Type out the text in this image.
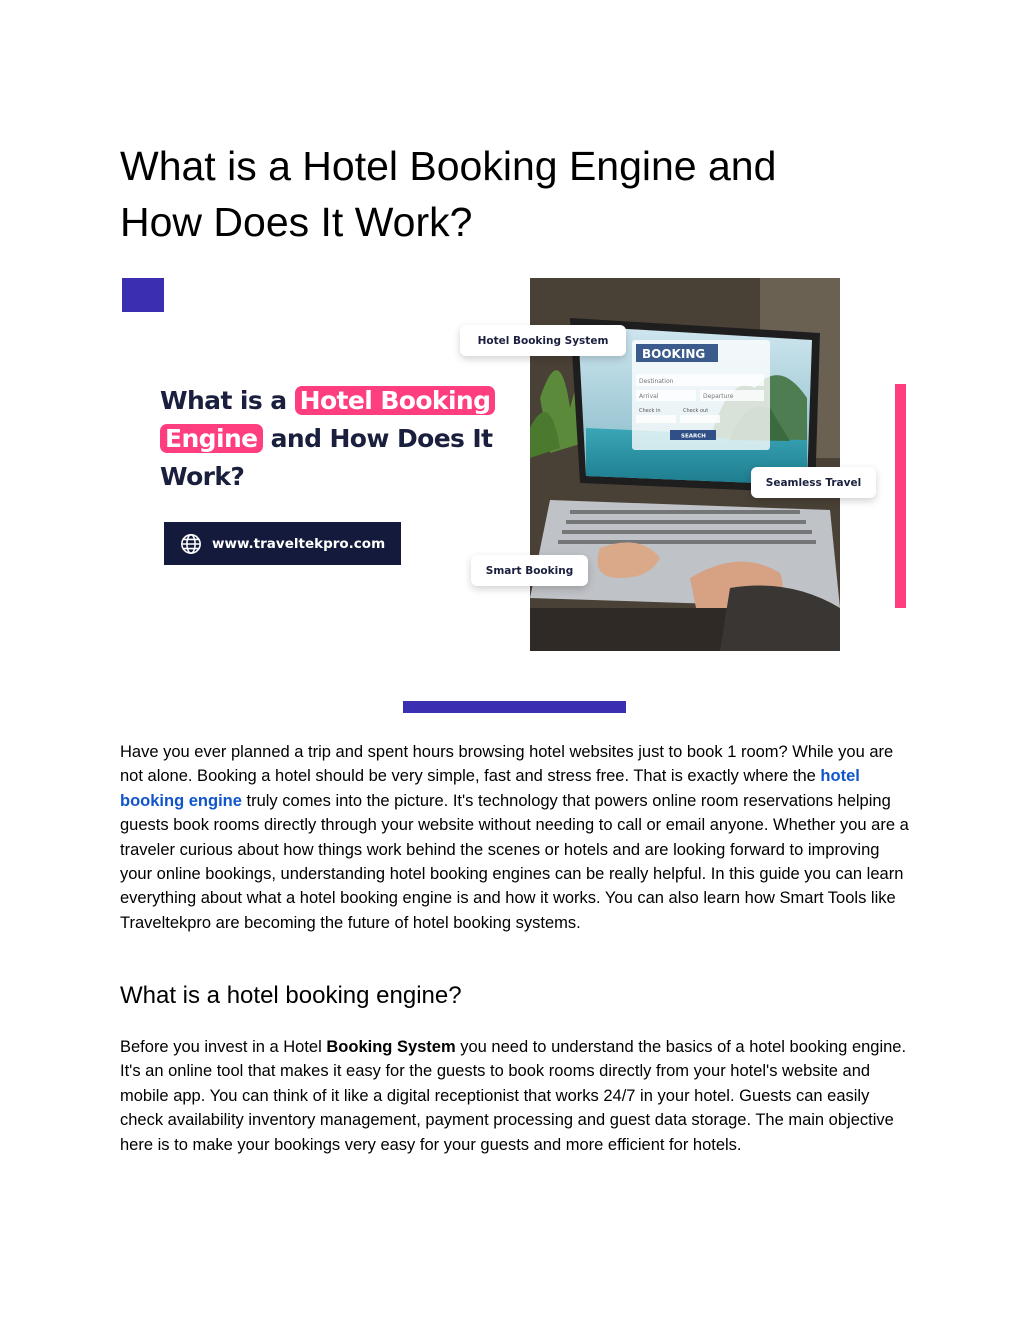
What is a Hotel Booking Engine and
How Does It Work?
What is a Hotel Booking
Engine and How Does It
Work?
www.traveltekpro.com
BOOKING
Destination
Arrival	Departure
Check in	Check out
SEARCH
Hotel Booking System
Seamless Travel
Smart Booking

Have you ever planned a trip and spent hours browsing hotel websites just to book 1 room? While you are not alone. Booking a hotel should be very simple, fast and stress free. That is exactly where the hotel booking engine truly comes into the picture. It's technology that powers online room reservations helping guests book rooms directly through your website without needing to call or email anyone. Whether you are a traveler curious about how things work behind the scenes or hotels and are looking forward to improving your online bookings, understanding hotel booking engines can be really helpful. In this guide you can learn everything about what a hotel booking engine is and how it works. You can also learn how Smart Tools like Traveltekpro are becoming the future of hotel booking systems.

What is a hotel booking engine?

Before you invest in a Hotel Booking System you need to understand the basics of a hotel booking engine. It's an online tool that makes it easy for the guests to book rooms directly from your hotel's website and mobile app. You can think of it like a digital receptionist that works 24/7 in your hotel. Guests can easily check availability inventory management, payment processing and guest data storage. The main objective here is to make your bookings very easy for your guests and more efficient for hotels.
